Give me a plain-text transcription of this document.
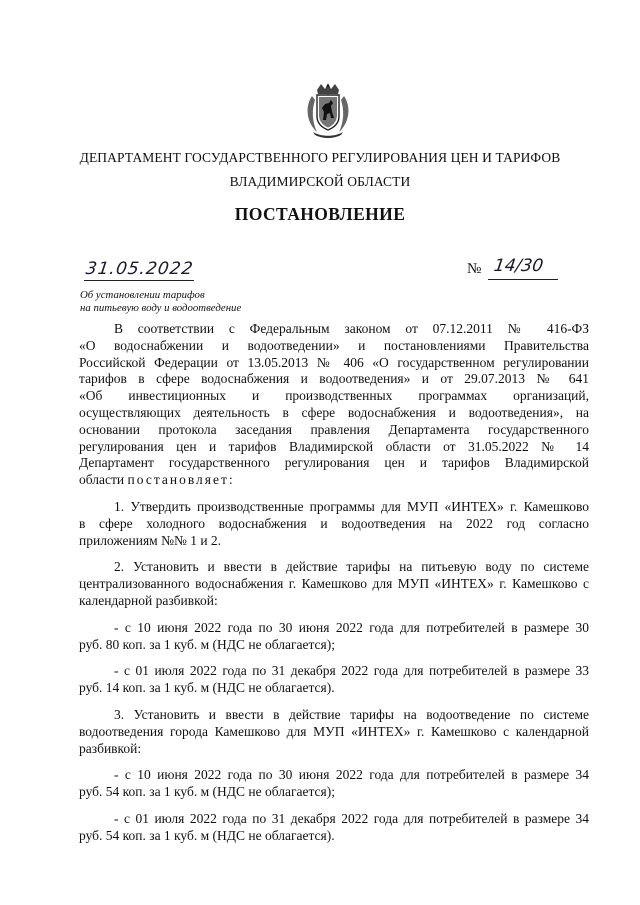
ДЕПАРТАМЕНТ ГОСУДАРСТВЕННОГО РЕГУЛИРОВАНИЯ ЦЕН И ТАРИФОВ
ВЛАДИМИРСКОЙ ОБЛАСТИ
ПОСТАНОВЛЕНИЕ
31.05.2022	№ 14/30
Об установлении тарифов
на питьевую воду и водоотведение
В соответствии с Федеральным законом от 07.12.2011 № 416-ФЗ
«О водоснабжении и водоотведении» и постановлениями Правительства
Российской Федерации от 13.05.2013 № 406 «О государственном регулировании
тарифов в сфере водоснабжения и водоотведения» и от 29.07.2013 № 641
«Об инвестиционных и производственных программах организаций,
осуществляющих деятельность в сфере водоснабжения и водоотведения», на
основании протокола заседания правления Департамента государственного
регулирования цен и тарифов Владимирской области от 31.05.2022 № 14
Департамент государственного регулирования цен и тарифов Владимирской
области постановляет:
1. Утвердить производственные программы для МУП «ИНТЕХ» г. Камешково
в сфере холодного водоснабжения и водоотведения на 2022 год согласно
приложениям №№ 1 и 2.
2. Установить и ввести в действие тарифы на питьевую воду по системе
централизованного водоснабжения г. Камешково для МУП «ИНТЕХ» г. Камешково с
календарной разбивкой:
- с 10 июня 2022 года по 30 июня 2022 года для потребителей в размере 30
руб. 80 коп. за 1 куб. м (НДС не облагается);
- с 01 июля 2022 года по 31 декабря 2022 года для потребителей в размере 33
руб. 14 коп. за 1 куб. м (НДС не облагается).
3. Установить и ввести в действие тарифы на водоотведение по системе
водоотведения города Камешково для МУП «ИНТЕХ» г. Камешково с календарной
разбивкой:
- с 10 июня 2022 года по 30 июня 2022 года для потребителей в размере 34
руб. 54 коп. за 1 куб. м (НДС не облагается);
- с 01 июля 2022 года по 31 декабря 2022 года для потребителей в размере 34
руб. 54 коп. за 1 куб. м (НДС не облагается).
